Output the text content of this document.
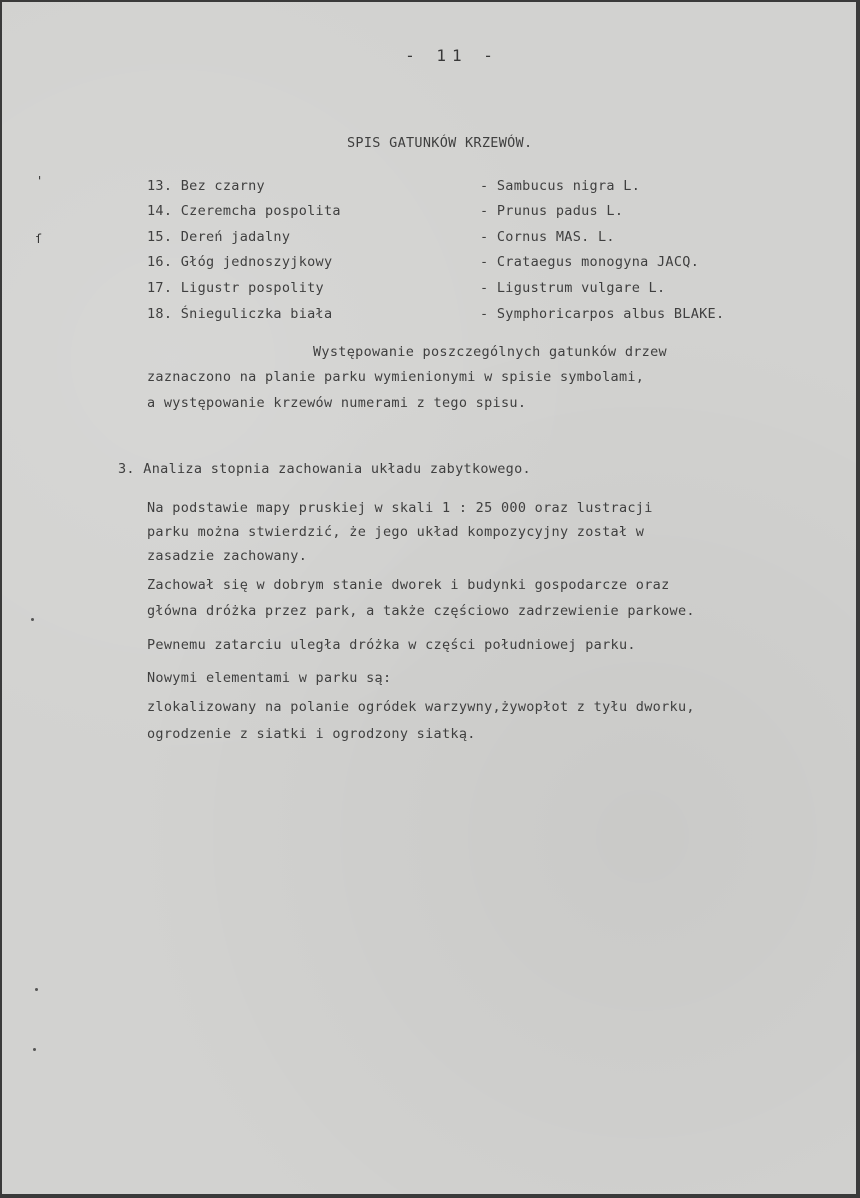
- 11 -
SPIS GATUNKÓW KRZEWÓW.
13. Bez czarny	- Sambucus nigra L.
14. Czeremcha pospolita	- Prunus padus L.
15. Dereń jadalny	- Cornus MAS. L.
16. Głóg jednoszyjkowy	- Crataegus monogyna JACQ.
17. Ligustr pospolity	- Ligustrum vulgare L.
18. Śnieguliczka biała	- Symphoricarpos albus BLAKE.
Występowanie poszczególnych gatunków drzew
zaznaczono na planie parku wymienionymi w spisie symbolami,
a występowanie krzewów numerami z tego spisu.
3. Analiza stopnia zachowania układu zabytkowego.
Na podstawie mapy pruskiej w skali 1 : 25 000 oraz lustracji
parku można stwierdzić, że jego układ kompozycyjny został w
zasadzie zachowany.
Zachował się w dobrym stanie dworek i budynki gospodarcze oraz
główna dróżka przez park, a także częściowo zadrzewienie parkowe.
Pewnemu zatarciu uległa dróżka w części południowej parku.
Nowymi elementami w parku są:
zlokalizowany na polanie ogródek warzywny,żywopłot z tyłu dworku,
ogrodzenie z siatki i ogrodzony siatką.
'
ſ
